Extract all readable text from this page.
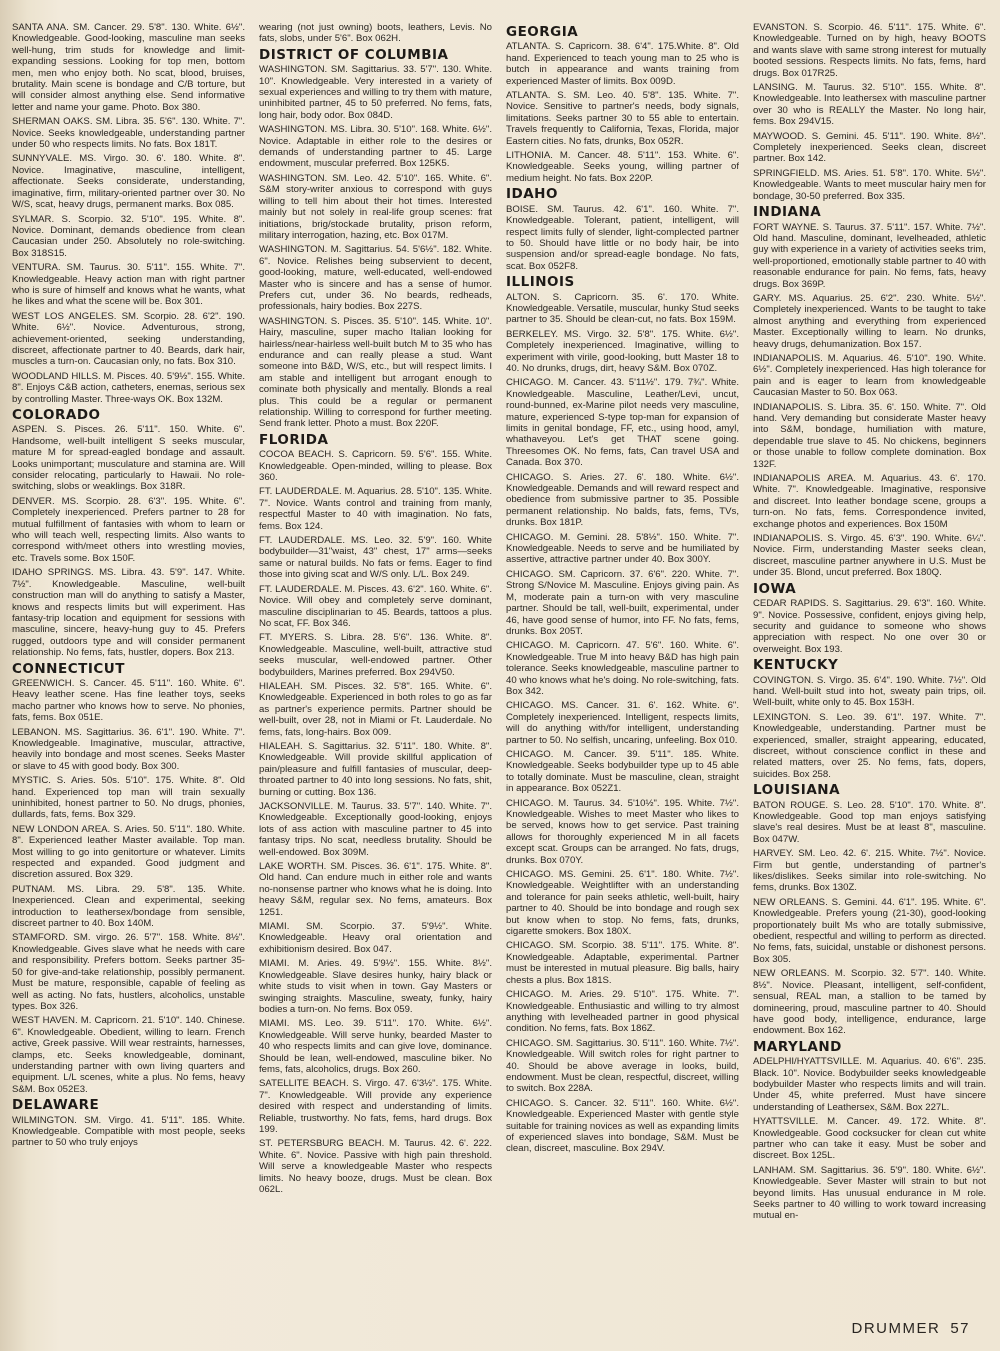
SANTA ANA. SM. Cancer. 29. 5'8". 130. White. 6½". Knowledgeable. Good-looking, masculine man seeks well-hung, trim studs for knowledge and limit-expanding sessions. Looking for top men, bottom men, men who enjoy both. No scat, blood, bruises, brutality. Main scene is bondage and C/B torture, but will consider almost anything else. Send informative letter and name your game. Photo. Box 380.

SHERMAN OAKS. SM. Libra. 35. 5'6". 130. White. 7". Novice. Seeks knowledgeable, understanding partner under 50 who respects limits. No fats. Box 181T.

SUNNYVALE. MS. Virgo. 30. 6'. 180. White. 8". Novice. Imaginative, masculine, intelligent, affectionate. Seeks considerate, understanding, imaginative, firm, military-oriented partner over 30. No W/S, scat, heavy drugs, permanent marks. Box 085.

SYLMAR. S. Scorpio. 32. 5'10". 195. White. 8". Novice. Dominant, demands obedience from clean Caucasian under 250. Absolutely no role-switching. Box 318S15.

VENTURA. SM. Taurus. 30. 5'11". 155. White. 7". Knowledgeable. Heavy action man with right partner who is sure of himself and knows what he wants, what he likes and what the scene will be. Box 301.

WEST LOS ANGELES. SM. Scorpio. 28. 6'2". 190. White. 6½". Novice. Adventurous, strong, achievement-oriented, seeking understanding, discreet, affectionate partner to 40. Beards, dark hair, muscles a turn-on. Caucasian only, no fats. Box 310.

WOODLAND HILLS. M. Pisces. 40. 5'9½". 155. White. 8". Enjoys C&B action, catheters, enemas, serious sex by controlling Master. Three-ways OK. Box 132M.

COLORADO

ASPEN. S. Pisces. 26. 5'11". 150. White. 6". Handsome, well-built intelligent S seeks muscular, mature M for spread-eagled bondage and assault. Looks unimportant; musculature and stamina are. Will consider relocating, particularly to Hawaii. No role-switching, slobs or weaklings. Box 318R.

DENVER. MS. Scorpio. 28. 6'3". 195. White. 6". Completely inexperienced. Prefers partner to 28 for mutual fulfillment of fantasies with whom to learn or who will teach well, respecting limits. Also wants to correspond with/meet others into wrestling movies, etc. Travels some. Box 150F.

IDAHO SPRINGS. MS. Libra. 43. 5'9". 147. White. 7½". Knowledgeable. Masculine, well-built construction man will do anything to satisfy a Master, knows and respects limits but will experiment. Has fantasy-trip location and equipment for sessions with masculine, sincere, heavy-hung guy to 45. Prefers rugged, outdoors type and will consider permanent relationship. No fems, fats, hustler, dopers. Box 213.

CONNECTICUT

GREENWICH. S. Cancer. 45. 5'11". 160. White. 6". Heavy leather scene. Has fine leather toys, seeks macho partner who knows how to serve. No phonies, fats, fems. Box 051E.

LEBANON. MS. Sagittarius. 36. 6'1". 190. White. 7". Knowledgeable. Imaginative, muscular, attractive, heavily into bondage and most scenes. Seeks Master or slave to 45 with good body. Box 300.

MYSTIC. S. Aries. 50s. 5'10". 175. White. 8". Old hand. Experienced top man will train sexually uninhibited, honest partner to 50. No drugs, phonies, dullards, fats, fems. Box 329.

NEW LONDON AREA. S. Aries. 50. 5'11". 180. White. 8". Experienced leather Master available. Top man. Most willing to go into genitorture or whatever. Limits respected and expanded. Good judgment and discretion assured. Box 329.

PUTNAM. MS. Libra. 29. 5'8". 135. White. Inexperienced. Clean and experimental, seeking introduction to leathersex/bondage from sensible, discreet partner to 40. Box 140M.

STAMFORD. SM. virgo. 26. 5'7". 158. White. 8½". Knowledgeable. Gives slave what he needs with care and responsibility. Prefers bottom. Seeks partner 35-50 for give-and-take relationship, possibly permanent. Must be mature, responsible, capable of feeling as well as acting. No fats, hustlers, alcoholics, unstable types. Box 326.

WEST HAVEN. M. Capricorn. 21. 5'10". 140. Chinese. 6". Knowledgeable. Obedient, willing to learn. French active, Greek passive. Will wear restraints, harnesses, clamps, etc. Seeks knowledgeable, dominant, understanding partner with own living quarters and equipment. L/L scenes, white a plus. No fems, heavy S&M. Box 052E3.

DELAWARE

WILMINGTON. SM. Virgo. 41. 5'11". 185. White. Knowledgeable. Compatible with most people, seeks partner to 50 who truly enjoys

wearing (not just owning) boots, leathers, Levis. No fats, slobs, under 5'6". Box 062H.

DISTRICT OF COLUMBIA

WASHINGTON. SM. Sagittarius. 33. 5'7". 130. White. 10". Knowledgeable. Very interested in a variety of sexual experiences and willing to try them with mature, uninhibited partner, 45 to 50 preferred. No fems, fats, long hair, body odor. Box 084D.

WASHINGTON. MS. Libra. 30. 5'10". 168. White. 6½". Novice. Adaptable in either role to the desires or demands of understanding partner to 45. Large endowment, muscular preferred. Box 125K5.

WASHINGTON. SM. Leo. 42. 5'10". 165. White. 6". S&M story-writer anxious to correspond with guys willing to tell him about their hot times. Interested mainly but not solely in real-life group scenes: frat initiations, brig/stockade brutality, prison reform, military interrogation, hazing, etc. Box 017M.

WASHINGTON. M. Sagittarius. 54. 5'6½". 182. White. 6". Novice. Relishes being subservient to decent, good-looking, mature, well-educated, well-endowed Master who is sincere and has a sense of humor. Prefers cut, under 36. No beards, redheads, professionals, hairy bodies. Box 227S.

WASHINGTON. S. Pisces. 35. 5'10". 145. White. 10". Hairy, masculine, super macho Italian looking for hairless/near-hairless well-built butch M to 35 who has endurance and can really please a stud. Want someone into B&D, W/S, etc., but will respect limits. I am stable and intelligent but arrogant enough to cominate both physically and mentally. Blonds a real plus. This could be a regular or permanent relationship. Willing to correspond for further meeting. Send frank letter. Photo a must. Box 220F.

FLORIDA

COCOA BEACH. S. Capricorn. 59. 5'6". 155. White. Knowledgeable. Open-minded, willing to please. Box 360.

FT. LAUDERDALE. M. Aquarius. 28. 5'10". 135. White. 7". Novice. Wants control and training from manly, respectful Master to 40 with imagination. No fats, fems. Box 124.

FT. LAUDERDALE. MS. Leo. 32. 5'9". 160. White bodybuilder—31"waist, 43" chest, 17" arms—seeks same or natural builds. No fats or fems. Eager to find those into giving scat and W/S only. L/L. Box 249.

FT. LAUDERDALE. M. Pisces. 43. 6'2". 160. White. 6". Novice. Will obey and completely serve dominant, masculine disciplinarian to 45. Beards, tattoos a plus. No scat, FF. Box 346.

FT. MYERS. S. Libra. 28. 5'6". 136. White. 8". Knowledgeable. Masculine, well-built, attractive stud seeks muscular, well-endowed partner. Other bodybuilders, Marines preferred. Box 294V50.

HIALEAH. SM. Pisces. 32. 5'8". 165. White. 6". Knowledgeable. Experienced in both roles to go as far as partner's experience permits. Partner should be well-built, over 28, not in Miami or Ft. Lauderdale. No fems, fats, long-hairs. Box 009.

HIALEAH. S. Sagittarius. 32. 5'11". 180. White. 8". Knowledgeable. Will provide skillful application of pain/pleasure and fulfill fantasies of muscular, deep-throated partner to 40 into long sessions. No fats, shit, burning or cutting. Box 136.

JACKSONVILLE. M. Taurus. 33. 5'7". 140. White. 7". Knowledgeable. Exceptionally good-looking, enjoys lots of ass action with masculine partner to 45 into fantasy trips. No scat, needless brutality. Should be well-endowed. Box 309M.

LAKE WORTH. SM. Pisces. 36. 6'1". 175. White. 8". Old hand. Can endure much in either role and wants no-nonsense partner who knows what he is doing. Into heavy S&M, regular sex. No fems, amateurs. Box 1251.

MIAMI. SM. Scorpio. 37. 5'9½". White. Knowledgeable. Heavy oral orientation and exhibitionism desired. Box 047.

MIAMI. M. Aries. 49. 5'9½". 155. White. 8½". Knowledgeable. Slave desires hunky, hairy black or white studs to visit when in town. Gay Masters or swinging straights. Masculine, sweaty, funky, hairy bodies a turn-on. No fems. Box 059.

MIAMI. MS. Leo. 39. 5'11". 170. White. 6½". Knowledgeable. Will serve hunky, bearded Master to 40 who respects limits and can give love, dominance. Should be lean, well-endowed, masculine biker. No fems, fats, alcoholics, drugs. Box 260.

SATELLITE BEACH. S. Virgo. 47. 6'3½". 175. White. 7". Knowledgeable. Will provide any experience desired with respect and understanding of limits. Reliable, trustworthy. No fats, fems, hard drugs. Box 199.

ST. PETERSBURG BEACH. M. Taurus. 42. 6'. 222. White. 6". Novice. Passive with high pain threshold. Will serve a knowledgeable Master who respects limits. No heavy booze, drugs. Must be clean. Box 062L.

GEORGIA

ATLANTA. S. Capricorn. 38. 6'4". 175.White. 8". Old hand. Experienced to teach young man to 25 who is butch in appearance and wants training from experienced Master of limits. Box 009D.

ATLANTA. S. SM. Leo. 40. 5'8". 135. White. 7". Novice. Sensitive to partner's needs, body signals, limitations. Seeks partner 30 to 55 able to entertain. Travels frequently to California, Texas, Florida, major Eastern cities. No fats, drunks, Box 052R.

LITHONIA. M. Cancer. 48. 5'11". 153. White. 6". Knowledgeable. Seeks young, willing partner of medium height. No fats. Box 220P.

IDAHO

BOISE. SM. Taurus. 42. 6'1". 160. White. 7". Knowledgeable. Tolerant, patient, intelligent, will respect limits fully of slender, light-complected partner to 50. Should have little or no body hair, be into suspension and/or spread-eagle bondage. No fats, scat. Box 052F8.

ILLINOIS

ALTON. S. Capricorn. 35. 6'. 170. White. Knowledgeable. Versatile, muscular, hunky Stud seeks partner to 35. Should be clean-cut, no fats. Box 159M.

BERKELEY. MS. Virgo. 32. 5'8". 175. White. 6½". Completely inexperienced. Imaginative, willing to experiment with virile, good-looking, butt Master 18 to 40. No drunks, drugs, dirt, heavy S&M. Box 070Z.

CHICAGO. M. Cancer. 43. 5'11½". 179. 7¾". White. Knowledgeable. Masculine, Leather/Levi, uncut, round-bunned, ex-Marine pilot needs very masculine, mature, experienced S-type top-man for expansion of limits in genital bondage, FF, etc., using hood, amyl, whathaveyou. Let's get THAT scene going. Threesomes OK. No fems, fats, Can travel USA and Canada. Box 370.

CHICAGO. S. Aries. 27. 6'. 180. White. 6½". Knowledgeable. Demands and will reward respect and obedience from submissive partner to 35. Possible permanent relationship. No balds, fats, fems, TVs, drunks. Box 181P.

CHICAGO. M. Gemini. 28. 5'8½". 150. White. 7". Knowledgeable. Needs to serve and be humiliated by assertive, attractive partner under 40. Box 300Y.

CHICAGO. SM. Capricorn. 37. 6'6". 220. White. 7". Strong S/Novice M. Masculine. Enjoys giving pain. As M, moderate pain a turn-on with very masculine partner. Should be tall, well-built, experimental, under 46, have good sense of humor, into FF. No fats, fems, drunks. Box 205T.

CHICAGO. M. Capricorn. 47. 5'6". 160. White. 6". Knowledgeable. True M into heavy B&D has high pain tolerance. Seeks knowledgeable, masculine partner to 40 who knows what he's doing. No role-switching, fats. Box 342.

CHICAGO. MS. Cancer. 31. 6'. 162. White. 6". Completely inexperienced. Intelligent, respects limits, will do anything with/for intelligent, understanding partner to 50. No selfish, uncaring, unfeeling. Box 010.

CHICAGO. M. Cancer. 39. 5'11". 185. White. Knowledgeable. Seeks bodybuilder type up to 45 able to totally dominate. Must be masculine, clean, straight in appearance. Box 052Z1.

CHICAGO. M. Taurus. 34. 5'10½". 195. White. 7½". Knowledgeable. Wishes to meet Master who likes to be served, knows how to get service. Past training allows for thoroughly experienced M in all facets except scat. Groups can be arranged. No fats, drugs, drunks. Box 070Y.

CHICAGO. MS. Gemini. 25. 6'1". 180. White. 7½". Knowledgeable. Weightlifter with an understanding and tolerance for pain seeks athletic, well-built, hairy partner to 40. Should be into bondage and rough sex but know when to stop. No fems, fats, drunks, cigarette smokers. Box 180X.

CHICAGO. SM. Scorpio. 38. 5'11". 175. White. 8". Knowledgeable. Adaptable, experimental. Partner must be interested in mutual pleasure. Big balls, hairy chests a plus. Box 181S.

CHICAGO. M. Aries. 29. 5'10". 175. White. 7". Knowledgeable. Enthusiastic and willing to try almost anything with levelheaded partner in good physical condition. No fems, fats. Box 186Z.

CHICAGO. SM. Sagittarius. 30. 5'11". 160. White. 7½". Knowledgeable. Will switch roles for right partner to 40. Should be above average in looks, build, endowment. Must be clean, respectful, discreet, willing to switch. Box 228A.

CHICAGO. S. Cancer. 32. 5'11". 160. White. 6½". Knowledgeable. Experienced Master with gentle style suitable for training novices as well as expanding limits of experienced slaves into bondage, S&M. Must be clean, discreet, masculine. Box 294V.

EVANSTON. S. Scorpio. 46. 5'11". 175. White. 6". Knowledgeable. Turned on by high, heavy BOOTS and wants slave with same strong interest for mutually booted sessions. Respects limits. No fats, fems, hard drugs. Box 017R25.

LANSING. M. Taurus. 32. 5'10". 155. White. 8". Knowledgeable. Into leathersex with masculine partner over 30 who is REALLY the Master. No long hair, fems. Box 294V15.

MAYWOOD. S. Gemini. 45. 5'11". 190. White. 8½". Completely inexperienced. Seeks clean, discreet partner. Box 142.

SPRINGFIELD. MS. Aries. 51. 5'8". 170. White. 5½". Knowledgeable. Wants to meet muscular hairy men for bondage, 30-50 preferred. Box 335.

INDIANA

FORT WAYNE. S. Taurus. 37. 5'11". 157. White. 7½". Old hand. Masculine, dominant, levelheaded, athletic guy with experience in a variety of activities seeks trim, well-proportioned, emotionally stable partner to 40 with reasonable endurance for pain. No fems, fats, heavy drugs. Box 369P.

GARY. MS. Aquarius. 25. 6'2". 230. White. 5½". Completely inexperienced. Wants to be taught to take almost anything and everything from experienced Master. Exceptionally willing to learn. No drunks, heavy drugs, dehumanization. Box 157.

INDIANAPOLIS. M. Aquarius. 46. 5'10". 190. White. 6½". Completely inexperienced. Has high tolerance for pain and is eager to learn from knowledgeable Caucasian Master to 50. Box 063.

INDIANAPOLIS. S. Libra. 35. 6'. 150. White. 7". Old hand. Very demanding but considerate Master heavy into S&M, bondage, humiliation with mature, dependable true slave to 45. No chickens, beginners or those unable to follow complete domination. Box 132F.

INDIANAPOLIS AREA. M. Aquarius. 43. 6'. 170. White. 7". Knowledgeable. Imaginative, responsive and discreet. Into leather bondage scene, groups a turn-on. No fats, fems. Correspondence invited, exchange photos and experiences. Box 150M

INDIANAPOLIS. S. Virgo. 45. 6'3". 190. White. 6¼". Novice. Firm, understanding Master seeks clean, discreet, masculine partner anywhere in U.S. Must be under 35. Blond, uncut preferred. Box 180Q.

IOWA

CEDAR RAPIDS. S. Sagittarius. 29. 6'3". 160. White. 9". Novice. Possessive, confident, enjoys giving help, security and guidance to someone who shows appreciation with respect. No one over 30 or overweight. Box 193.

KENTUCKY

COVINGTON. S. Virgo. 35. 6'4". 190. White. 7½". Old hand. Well-built stud into hot, sweaty pain trips, oil. Well-built, white only to 45. Box 153H.

LEXINGTON. S. Leo. 39. 6'1". 197. White. 7". Knowledgeable, understanding. Partner must be experienced, smaller, straight appearing, educated, discreet, without conscience conflict in these and related matters, over 25. No fems, fats, dopers, suicides. Box 258.

LOUISIANA

BATON ROUGE. S. Leo. 28. 5'10". 170. White. 8". Knowledgeable. Good top man enjoys satisfying slave's real desires. Must be at least 8", masculine. Box 047W.

HARVEY. SM. Leo. 42. 6'. 215. White. 7½". Novice. Firm but gentle, understanding of partner's likes/dislikes. Seeks similar into role-switching. No fems, drunks. Box 130Z.

NEW ORLEANS. S. Gemini. 44. 6'1". 195. White. 6". Knowledgeable. Prefers young (21-30), good-looking proportionately built Ms who are totally submissive, obedient, respectful and willing to perform as directed. No fems, fats, suicidal, unstable or dishonest persons. Box 305.

NEW ORLEANS. M. Scorpio. 32. 5'7". 140. White. 8½". Novice. Pleasant, intelligent, self-confident, sensual, REAL man, a stallion to be tamed by domineering, proud, masculine partner to 40. Should have good body, intelligence, endurance, large endowment. Box 162.

MARYLAND

ADELPHI/HYATTSVILLE. M. Aquarius. 40. 6'6". 235. Black. 10". Novice. Bodybuilder seeks knowledgeable bodybuilder Master who respects limits and will train. Under 45, white preferred. Must have sincere understanding of Leathersex, S&M. Box 227L.

HYATTSVILLE. M. Cancer. 49. 172. White. 8". Knowledgeable. Good cocksucker for clean cut white partner who can take it easy. Must be sober and discreet. Box 125L.

LANHAM. SM. Sagittarius. 36. 5'9". 180. White. 6½". Knowledgeable. Sever Master will strain to but not beyond limits. Has unusual endurance in M role. Seeks partner to 40 willing to work toward increasing mutual en-

DRUMMER 57
